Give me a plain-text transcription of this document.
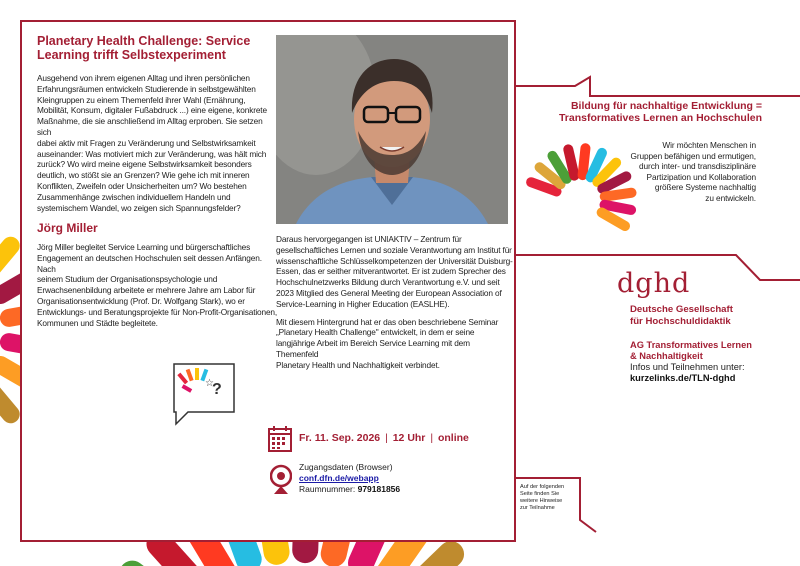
Planetary Health Challenge: Service Learning trifft Selbstexperiment
Ausgehend von ihrem eigenen Alltag und ihren persönlichen
Erfahrungsräumen entwickeln Studierende in selbstgewählten
Kleingruppen zu einem Themenfeld ihrer Wahl (Ernährung,
Mobilität, Konsum, digitaler Fußabdruck ...) eine eigene, konkrete
Maßnahme, die sie anschließend im Alltag erproben. Sie setzen sich
dabei aktiv mit Fragen zu Veränderung und Selbstwirksamkeit
auseinander: Was motiviert mich zur Veränderung, was hält mich
zurück? Wo wird meine eigene Selbstwirksamkeit besonders
deutlich, wo stößt sie an Grenzen? Wie gehe ich mit inneren
Konflikten, Zweifeln oder Unsicherheiten um? Wo bestehen
Zusammenhänge zwischen individuellem Handeln und
systemischem Wandel, wo zeigen sich Spannungsfelder?
Jörg Miller
Jörg Miller begleitet Service Learning und bürgerschaftliches
Engagement an deutschen Hochschulen seit dessen Anfängen. Nach
seinem Studium der Organisationspsychologie und
Erwachsenenbildung arbeitete er mehrere Jahre am Labor für
Organisationsentwicklung (Prof. Dr. Wolfgang Stark), wo er
Entwicklungs- und Beratungsprojekte für Non-Profit-Organisationen,
Kommunen und Städte begleitete.
Daraus hervorgegangen ist UNIAKTIV – Zentrum für
gesellschaftliches Lernen und soziale Verantwortung am Institut für
wissenschaftliche Schlüsselkompetenzen der Universität Duisburg-
Essen, das er seither mitverantwortet. Er ist zudem Sprecher des
Hochschulnetzwerks Bildung durch Verantwortung e.V. und seit
2023 Mitglied des General Meeting der European Association of
Service-Learning in Higher Education (EASLHE).
Mit diesem Hintergrund hat er das oben beschriebene Seminar
„Planetary Health Challenge" entwickelt, in dem er seine
langjährige Arbeit im Bereich Service Learning mit dem Themenfeld
Planetary Health und Nachhaltigkeit verbindet.
?
☆
Fr. 11. Sep. 2026 | 12 Uhr | online
Zugangsdaten (Browser)
conf.dfn.de/webapp
Raumnummer: 979181856
Bildung für nachhaltige Entwicklung =
Transformatives Lernen an Hochschulen
Wir möchten Menschen in
Gruppen befähigen und ermutigen,
durch inter- und transdisziplinäre
Partizipation und Kollaboration
größere Systeme nachhaltig
zu entwickeln.
dghd
Deutsche Gesellschaft
für Hochschuldidaktik
AG Transformatives Lernen
& Nachhaltigkeit
Infos und Teilnehmen unter:
kurzelinks.de/TLN-dghd
Auf der folgenden
Seite finden Sie
weitere Hinweise
zur Teilnahme
